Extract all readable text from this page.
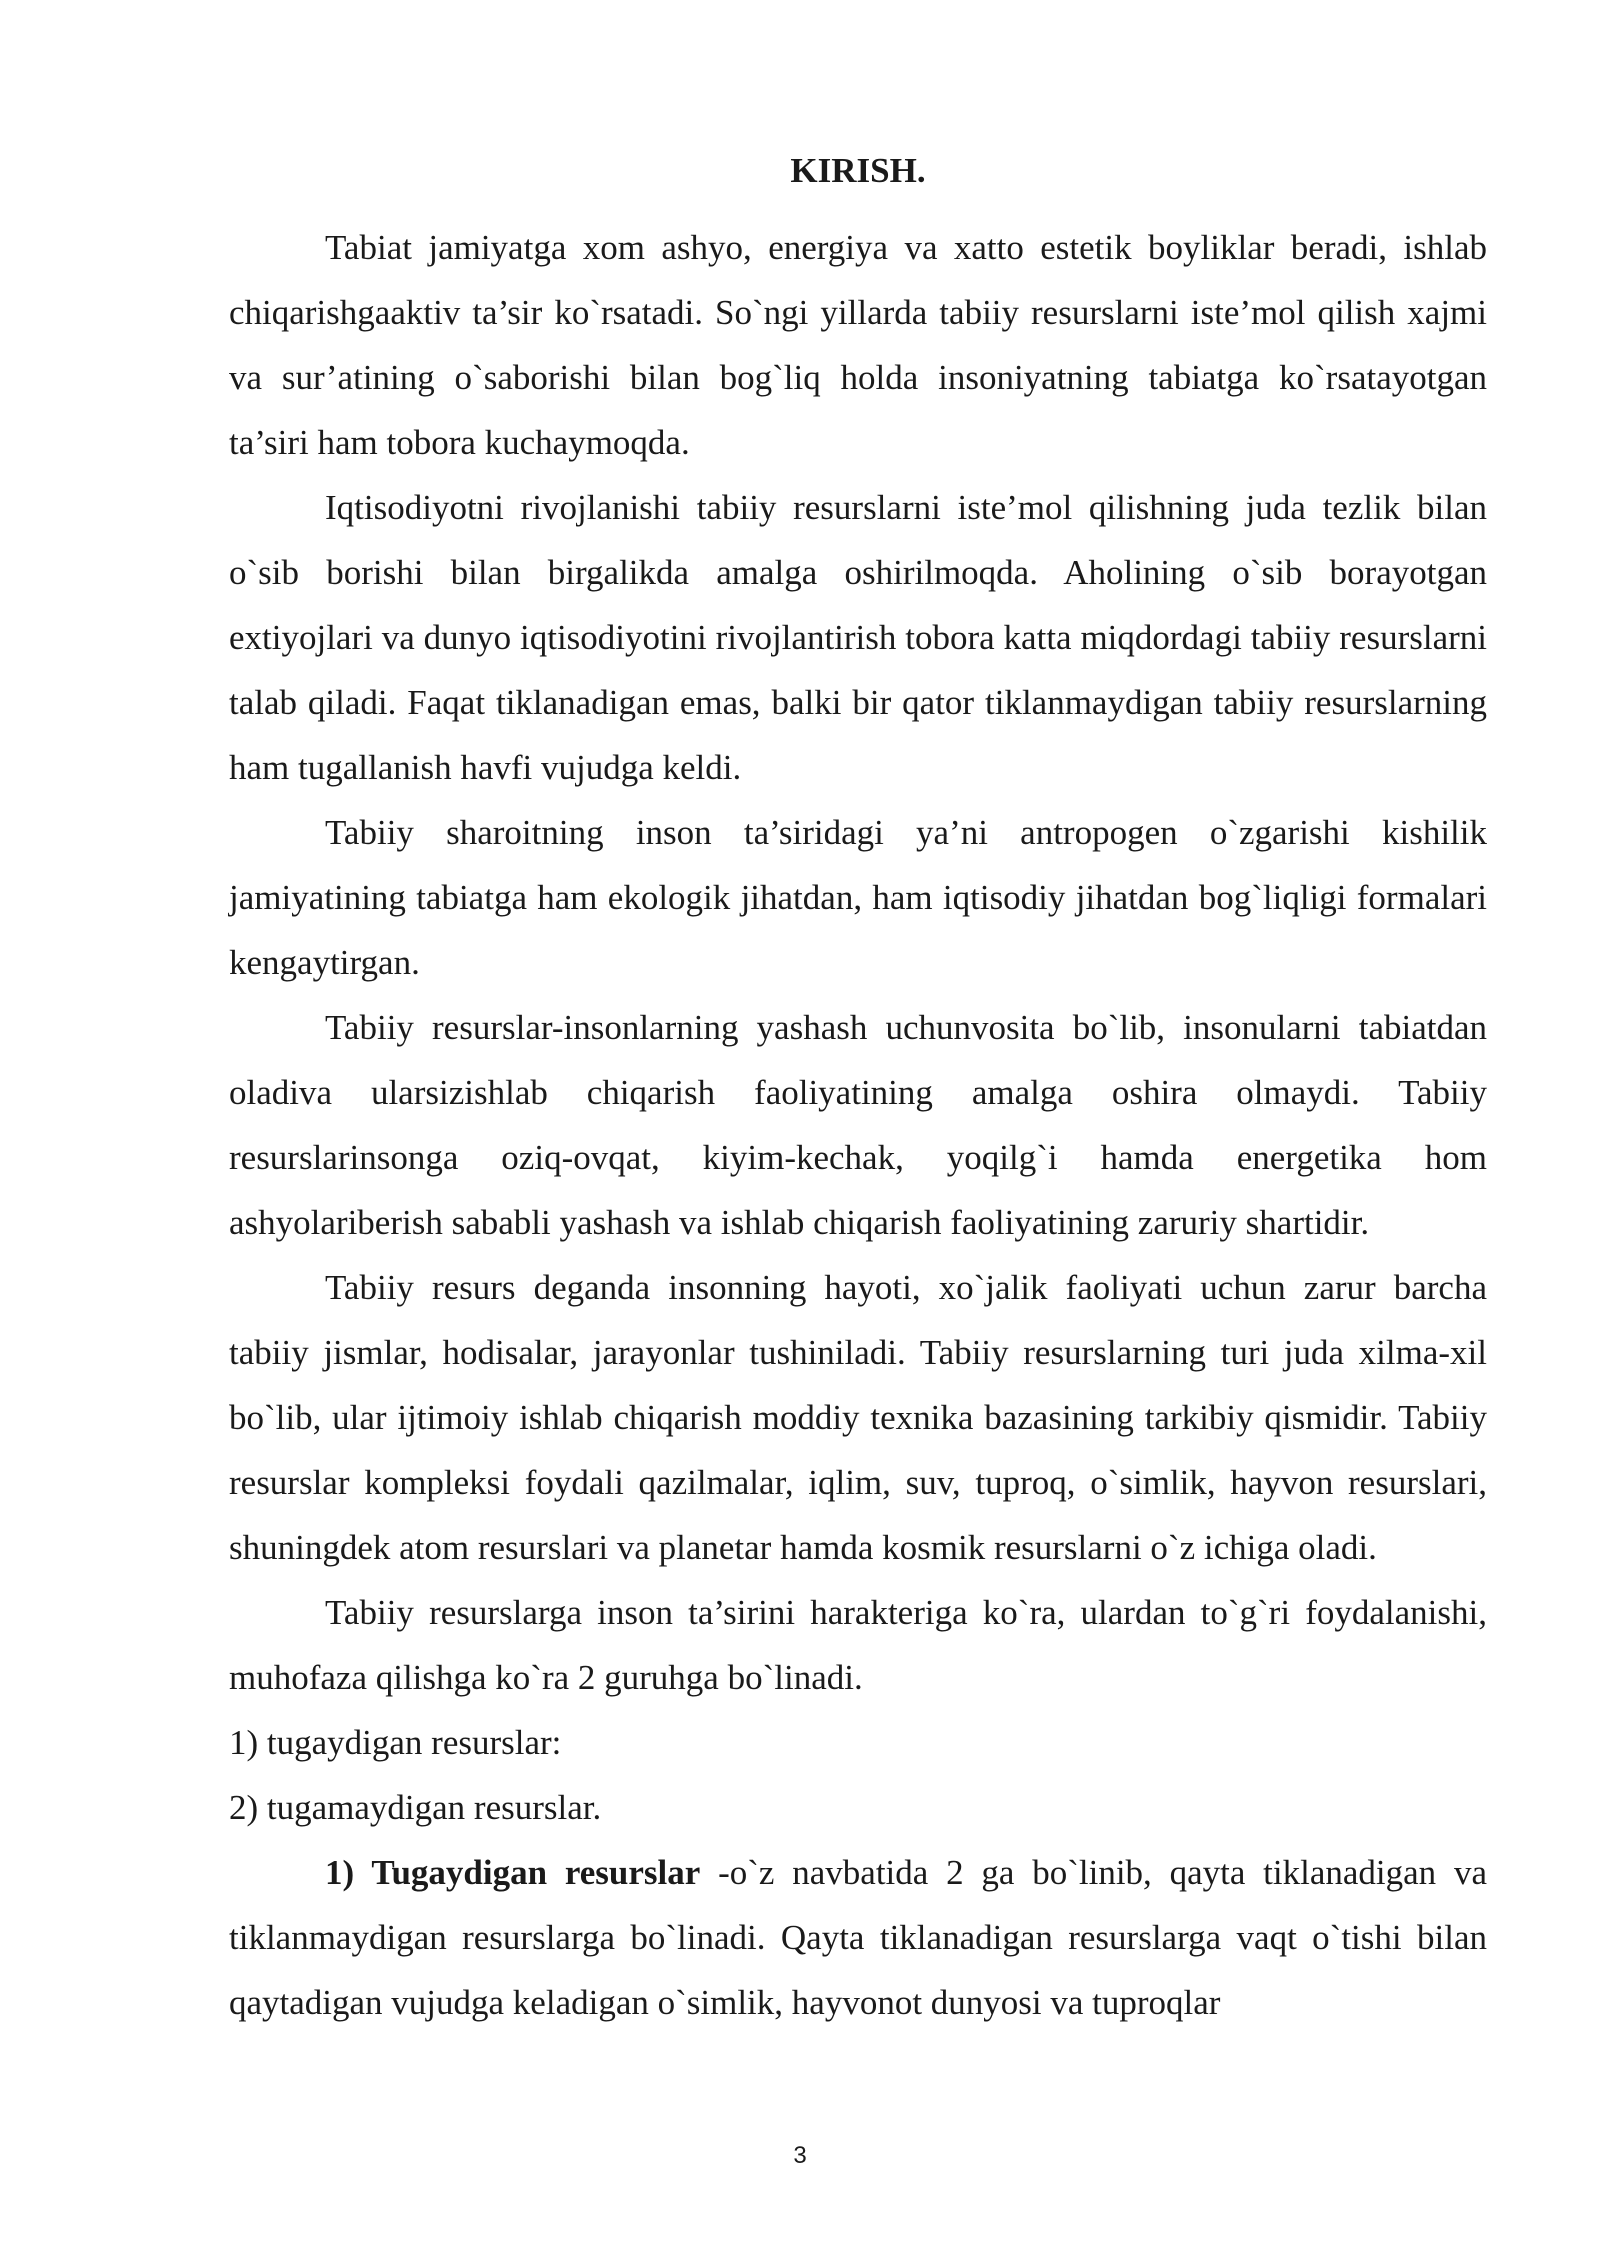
KIRISH.

Tabiat jamiyatga xom ashyo, energiya va xatto estetik boyliklar beradi, ishlab chiqarishgaaktiv ta’sir ko`rsatadi. So`ngi yillarda tabiiy resurslarni iste’mol qilish xajmi va sur’atining o`saborishi bilan bog`liq holda insoniyatning tabiatga ko`rsatayotgan ta’siri ham tobora kuchaymoqda.

Iqtisodiyotni rivojlanishi tabiiy resurslarni iste’mol qilishning juda tezlik bilan o`sib borishi bilan birgalikda amalga oshirilmoqda. Aholining o`sib borayotgan extiyojlari va dunyo iqtisodiyotini rivojlantirish tobora katta miqdordagi tabiiy resurslarni talab qiladi. Faqat tiklanadigan emas, balki bir qator tiklanmaydigan tabiiy resurslarning ham tugallanish havfi vujudga keldi.

Tabiiy sharoitning inson ta’siridagi ya’ni antropogen o`zgarishi kishilik jamiyatining tabiatga ham ekologik jihatdan, ham iqtisodiy jihatdan bog`liqligi formalari kengaytirgan.

Tabiiy resurslar-insonlarning yashash uchunvosita bo`lib, insonularni tabiatdan oladiva ularsizishlab chiqarish faoliyatining amalga oshira olmaydi. Tabiiy resurslarinsonga oziq-ovqat, kiyim-kechak, yoqilg`i hamda energetika hom ashyolariberish sababli yashash va ishlab chiqarish faoliyatining zaruriy shartidir.

Tabiiy resurs deganda insonning hayoti, xo`jalik faoliyati uchun zarur barcha tabiiy jismlar, hodisalar, jarayonlar tushiniladi. Tabiiy resurslarning turi juda xilma-xil bo`lib, ular ijtimoiy ishlab chiqarish moddiy texnika bazasining tarkibiy qismidir. Tabiiy resurslar kompleksi foydali qazilmalar, iqlim, suv, tuproq, o`simlik, hayvon resurslari, shuningdek atom resurslari va planetar hamda kosmik resurslarni o`z ichiga oladi.

Tabiiy resurslarga inson ta’sirini harakteriga ko`ra, ulardan to`g`ri foydalanishi, muhofaza qilishga ko`ra 2 guruhga bo`linadi.

1) tugaydigan resurslar:

2) tugamaydigan resurslar.

1) Tugaydigan resurslar -o`z navbatida 2 ga bo`linib, qayta tiklanadigan va tiklanmaydigan resurslarga bo`linadi. Qayta tiklanadigan resurslarga vaqt o`tishi bilan qaytadigan vujudga keladigan o`simlik, hayvonot dunyosi va tuproqlar

3
